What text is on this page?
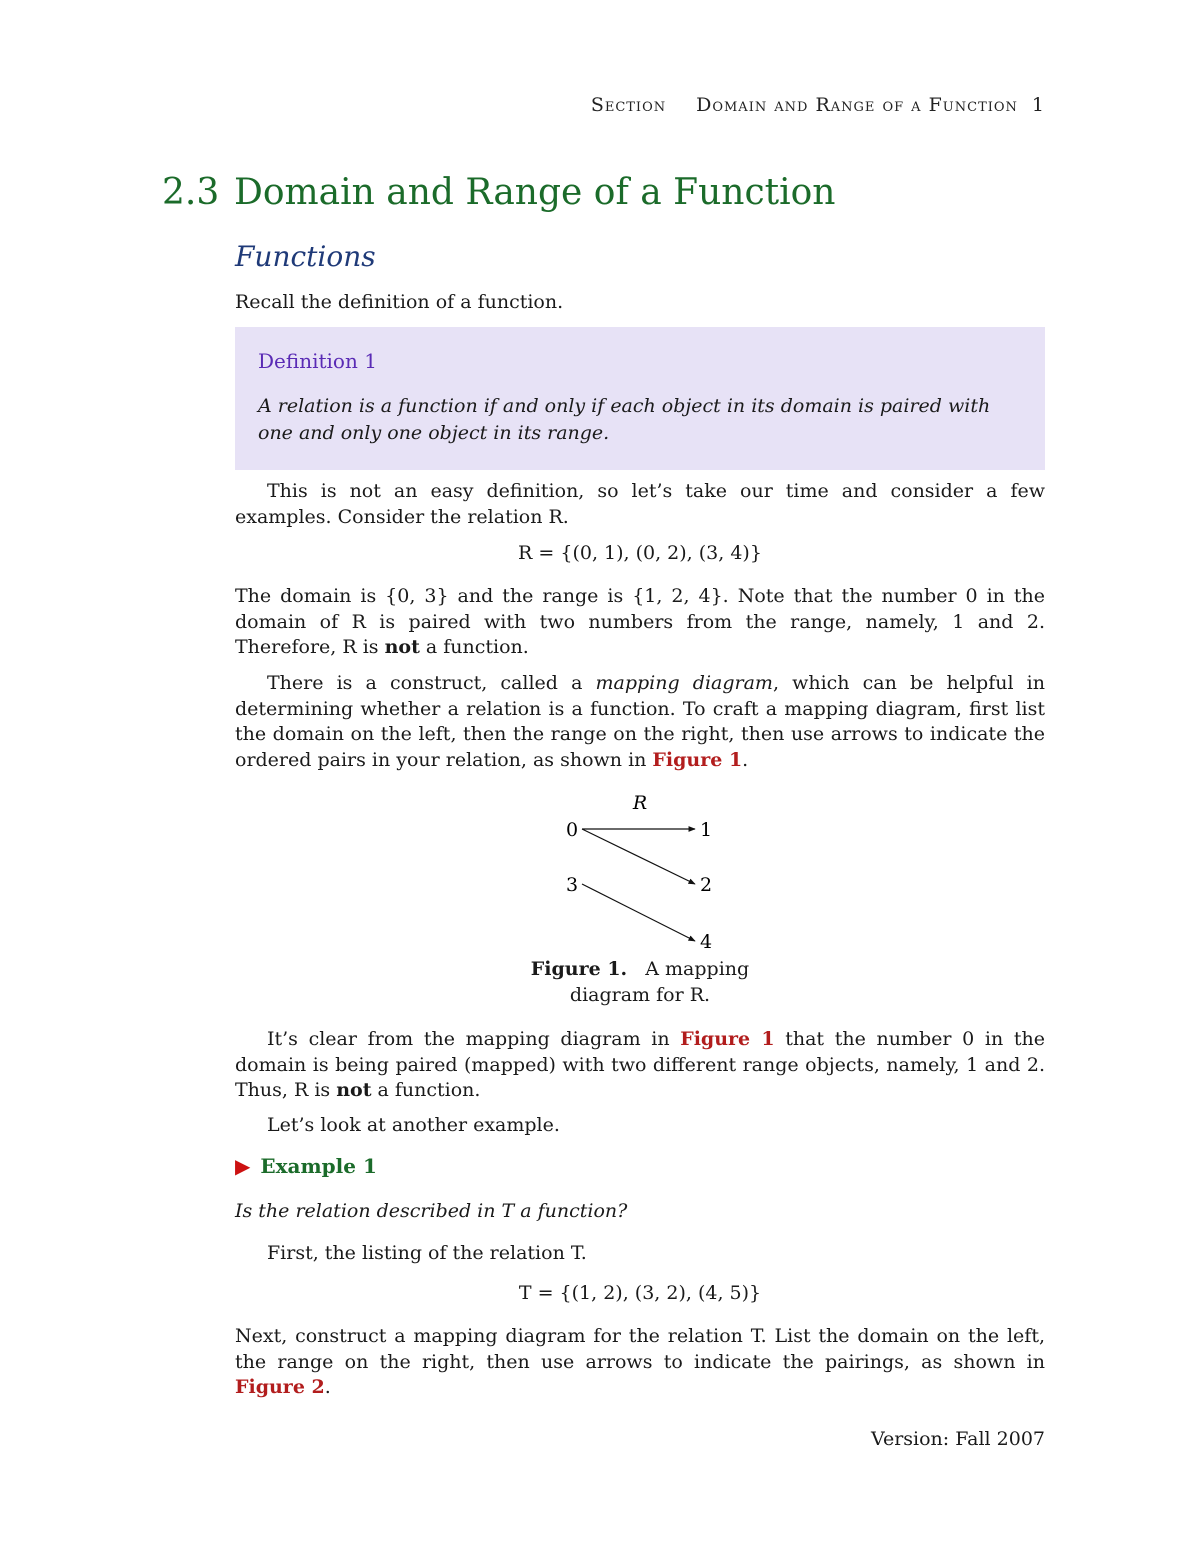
Section Domain and Range of a Function 1
2.3 Domain and Range of a Function
Functions

Recall the definition of a function.

Definition 1
A relation is a function if and only if each object in its domain is paired with one and only one object in its range.

This is not an easy definition, so let’s take our time and consider a few examples. Consider the relation R.

R = {(0, 1), (0, 2), (3, 4)}

The domain is {0, 3} and the range is {1, 2, 4}. Note that the number 0 in the domain of R is paired with two numbers from the range, namely, 1 and 2. Therefore, R is not a function.

There is a construct, called a mapping diagram, which can be helpful in determining whether a relation is a function. To craft a mapping diagram, first list the domain on the left, then the range on the right, then use arrows to indicate the ordered pairs in your relation, as shown in Figure 1.

R
0
3
1
2
4
Figure 1. A mapping diagram for R.

It’s clear from the mapping diagram in Figure 1 that the number 0 in the domain is being paired (mapped) with two different range objects, namely, 1 and 2. Thus, R is not a function.

Let’s look at another example.

▶ Example 1

Is the relation described in T a function?

First, the listing of the relation T.

T = {(1, 2), (3, 2), (4, 5)}

Next, construct a mapping diagram for the relation T. List the domain on the left, the range on the right, then use arrows to indicate the pairings, as shown in Figure 2.

Version: Fall 2007
